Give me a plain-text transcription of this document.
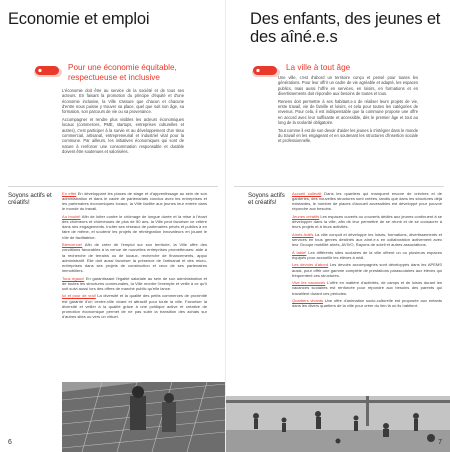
Economie et emploi
Pour une économie équitable, respectueuse et inclusive

L'économie doit être au service de la société et de tous ses acteurs. En faisant la promotion du principe d'équité et d'une économie inclusive, la Ville s'assure que chacun et chacune d'entre nous puisse y trouver sa place, quel que soit son âge, sa formation, son parcours de vie ou sa provenance.

Accompagner et rendre plus visibles les acteurs économiques locaux (commerces, PME, startups, entreprises culturelles et autres), c'est participer à la survie et au développement d'un tissu commercial, artisanal, entrepreneurial et industriel vital pour la commune. Par ailleurs, les initiatives économiques qui sont de nature à renforcer une consommation responsable et durable doivent être soutenues et valorisées.

Soyons actifs et créatifs!

En effet En développant les places de stage et d'apprentissage au sein de son administration et dans le cadre de partenariats conclus avec les entreprises et les partenaires économiques locaux, la Ville facilite aux jeunes leur entrée dans le monde du travail.

Au boulot! Afin de lutter contre le chômage de longue durée et la mise à l'écart des chômeurs et chômeuses de plus de 50 ans, la Ville peut favoriser ce critère dans ses engagements. Inciter ses réseaux de partenaires privés et publics à en faire de même, et soutenir les projets de réintégration innovateurs en jouant le rôle de facilitatrice.

Bienvenue! Afin de créer de l'emploi sur son territoire, la Ville offre des conditions favorables à la venue de nouvelles entreprises prometteuses: aide à la recherche de terrains ou de locaux, recherche de financements, appui administratif. Elle doit aussi favoriser la présence de l'artisanat et des micro-entreprises dans ses projets de construction et ceux de ses partenaires immobiliers.

Tous égaux! En garantissant l'égalité salariale au sein de son administration et de toutes les structures communales, la Ville montre l'exemple et veille à ce qu'il soit suivi aussi lors des offres de marché public qu'elle lance.

Ici et pour de vrai! La diversité et la qualité des petits commerces de proximité est garante d'un centre-ville vivant et attractif pour toute la ville. Favoriser la diversité et veiller à la qualité grâce à une politique active et créative de promotion économique permet de ne pas subir la transition des achats sur d'autres sites ou vers un virtuel.

6
Des enfants, des jeunes et des aîné.e.s
La ville à tout âge

Une ville, c'est d'abord un territoire conçu et pensé pour toutes les générations. Pour leur offrir un cadre de vie agréable et adapté, les espaces publics, mais aussi l'offre en services, en loisirs, en formations et en divertissements doit répondre aux besoins de toutes et tous.

Renens doit permettre à ses habitant.e.s de réaliser leurs projets de vie, entre travail, vie de famille et loisirs, et cela pour toutes les catégories de revenus. Pour cela, il est indispensable que la commune propose une offre en accord avec leur suffisante et accessible, dès le premier âge et tout au long de la scolarité obligatoire.

Tout comme il est de son devoir d'aider les jeunes à s'intégrer dans le monde du travail en les engageant et en soutenant les structures d'insertion sociale et professionnelle.

Soyons actifs et créatifs!

Accueil collectif Dans les quartiers qui manquent encore de crèches et de garderies, des nouvelles structures sont créées, tandis que dans les structures déjà existantes, le nombre de places d'accueil accessibles est développé pour pouvoir répondre aux besoins.

Jeunes créatifs Les espaces ouverts ou couverts dédiés aux jeunes continuent à se développer dans la ville, afin de leur permettre de se réunir et de se consacrer à leurs projets et à leurs activités.

Aînés Actifs La ville conçoit et développe les loisirs, formations, divertissements et services en tous genres destinés aux aîné.e.s en collaboration activement avec leur Groupe mobilité aînés, AVIVO, Rayons de soleil et autres associations.

À table! Les différents sites scolaires de la ville offrent un ou plusieurs espaces équipés pour accueillir les élèves à midi.

Les devoirs d'abord Les devoirs accompagnés sont développés dans les APEMS aussi, pour offrir une gamme complète de prestations parascolaires aux élèves qui fréquentent ces structures.

Vive les vacances L'offre en matière d'activités, de camps et de loisirs durant les vacances scolaires est renforcée pour répondre aux besoins des parents qui travaillent durant ces périodes.

Quartiers vivants Une offre d'animation socio-culturelle est proposée aux enfants dans les divers quartiers de la ville pour créer du lien là où ils habitent.

7
